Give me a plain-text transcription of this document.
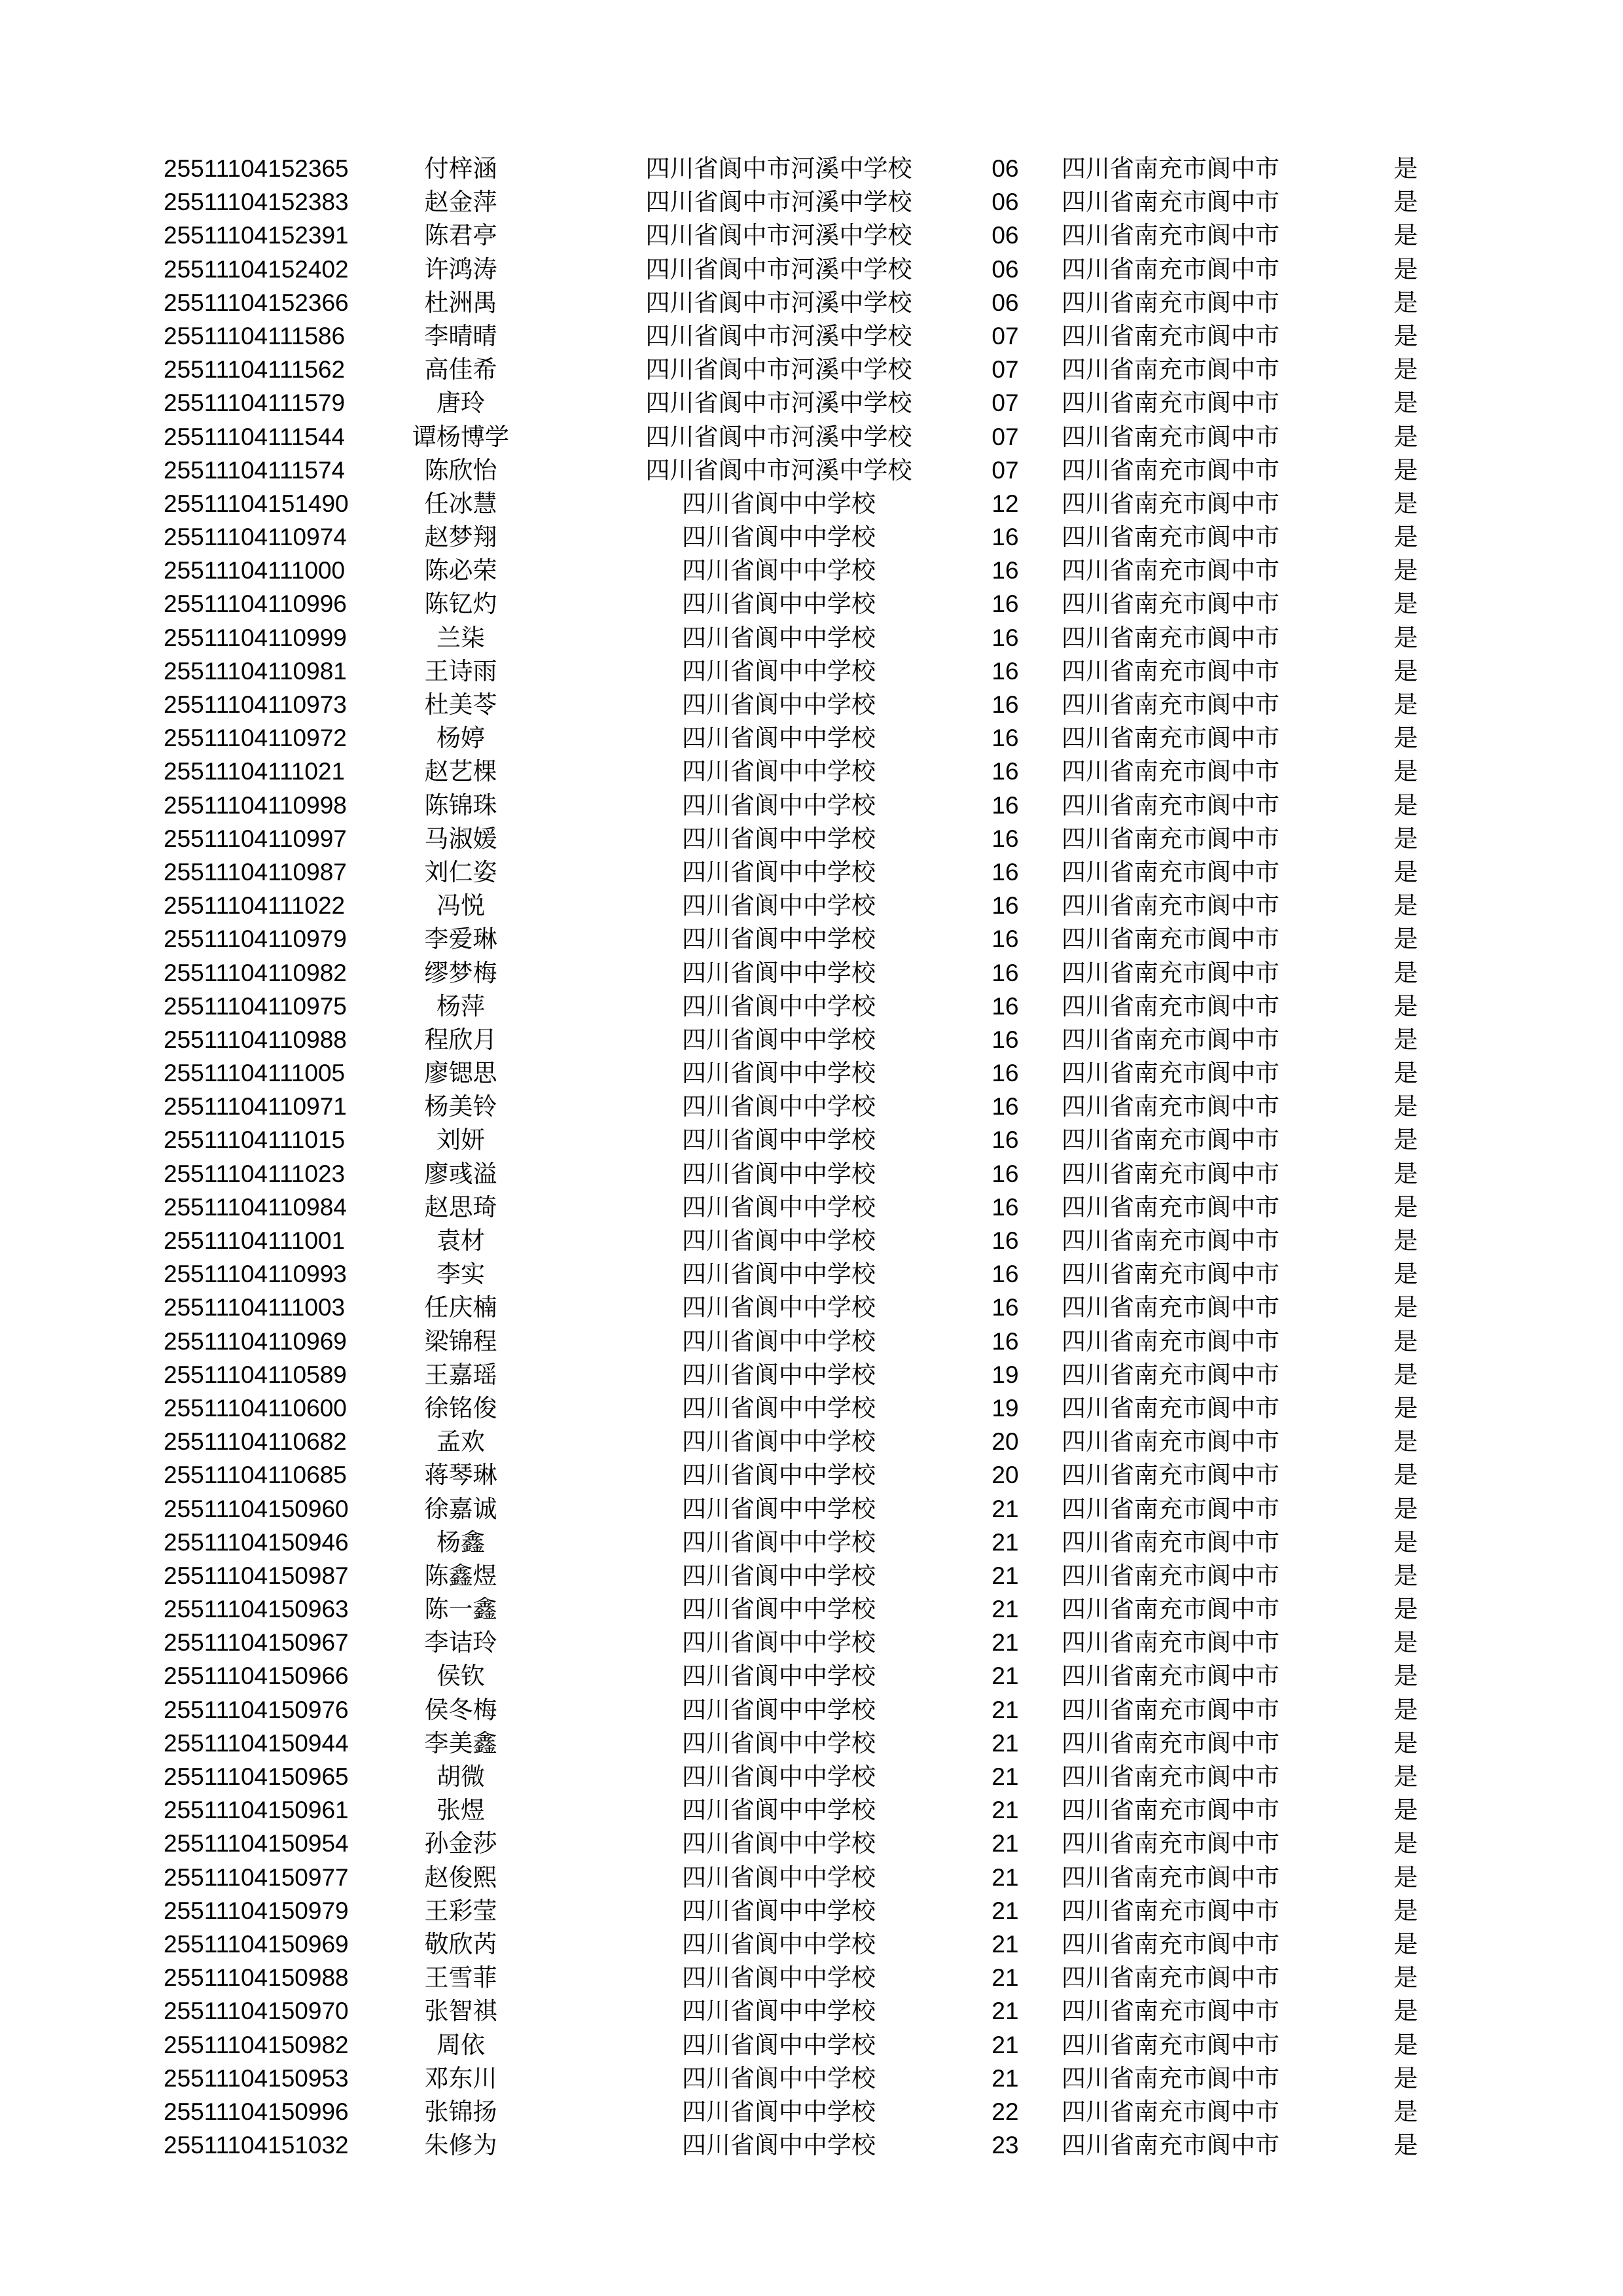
25511104152365	付梓涵	四川省阆中市河溪中学校	06	四川省南充市阆中市	是
25511104152383	赵金萍	四川省阆中市河溪中学校	06	四川省南充市阆中市	是
25511104152391	陈君亭	四川省阆中市河溪中学校	06	四川省南充市阆中市	是
25511104152402	许鸿涛	四川省阆中市河溪中学校	06	四川省南充市阆中市	是
25511104152366	杜洲禺	四川省阆中市河溪中学校	06	四川省南充市阆中市	是
25511104111586	李晴晴	四川省阆中市河溪中学校	07	四川省南充市阆中市	是
25511104111562	高佳希	四川省阆中市河溪中学校	07	四川省南充市阆中市	是
25511104111579	唐玲	四川省阆中市河溪中学校	07	四川省南充市阆中市	是
25511104111544	谭杨博学	四川省阆中市河溪中学校	07	四川省南充市阆中市	是
25511104111574	陈欣怡	四川省阆中市河溪中学校	07	四川省南充市阆中市	是
25511104151490	任冰慧	四川省阆中中学校	12	四川省南充市阆中市	是
25511104110974	赵梦翔	四川省阆中中学校	16	四川省南充市阆中市	是
25511104111000	陈必荣	四川省阆中中学校	16	四川省南充市阆中市	是
25511104110996	陈钇灼	四川省阆中中学校	16	四川省南充市阆中市	是
25511104110999	兰柒	四川省阆中中学校	16	四川省南充市阆中市	是
25511104110981	王诗雨	四川省阆中中学校	16	四川省南充市阆中市	是
25511104110973	杜美苓	四川省阆中中学校	16	四川省南充市阆中市	是
25511104110972	杨婷	四川省阆中中学校	16	四川省南充市阆中市	是
25511104111021	赵艺棵	四川省阆中中学校	16	四川省南充市阆中市	是
25511104110998	陈锦珠	四川省阆中中学校	16	四川省南充市阆中市	是
25511104110997	马淑媛	四川省阆中中学校	16	四川省南充市阆中市	是
25511104110987	刘仁姿	四川省阆中中学校	16	四川省南充市阆中市	是
25511104111022	冯悦	四川省阆中中学校	16	四川省南充市阆中市	是
25511104110979	李爱琳	四川省阆中中学校	16	四川省南充市阆中市	是
25511104110982	缪梦梅	四川省阆中中学校	16	四川省南充市阆中市	是
25511104110975	杨萍	四川省阆中中学校	16	四川省南充市阆中市	是
25511104110988	程欣月	四川省阆中中学校	16	四川省南充市阆中市	是
25511104111005	廖锶思	四川省阆中中学校	16	四川省南充市阆中市	是
25511104110971	杨美铃	四川省阆中中学校	16	四川省南充市阆中市	是
25511104111015	刘妍	四川省阆中中学校	16	四川省南充市阆中市	是
25511104111023	廖彧溢	四川省阆中中学校	16	四川省南充市阆中市	是
25511104110984	赵思琦	四川省阆中中学校	16	四川省南充市阆中市	是
25511104111001	袁材	四川省阆中中学校	16	四川省南充市阆中市	是
25511104110993	李实	四川省阆中中学校	16	四川省南充市阆中市	是
25511104111003	任庆楠	四川省阆中中学校	16	四川省南充市阆中市	是
25511104110969	梁锦程	四川省阆中中学校	16	四川省南充市阆中市	是
25511104110589	王嘉瑶	四川省阆中中学校	19	四川省南充市阆中市	是
25511104110600	徐铭俊	四川省阆中中学校	19	四川省南充市阆中市	是
25511104110682	孟欢	四川省阆中中学校	20	四川省南充市阆中市	是
25511104110685	蒋琴琳	四川省阆中中学校	20	四川省南充市阆中市	是
25511104150960	徐嘉诚	四川省阆中中学校	21	四川省南充市阆中市	是
25511104150946	杨鑫	四川省阆中中学校	21	四川省南充市阆中市	是
25511104150987	陈鑫煜	四川省阆中中学校	21	四川省南充市阆中市	是
25511104150963	陈一鑫	四川省阆中中学校	21	四川省南充市阆中市	是
25511104150967	李诘玲	四川省阆中中学校	21	四川省南充市阆中市	是
25511104150966	侯钦	四川省阆中中学校	21	四川省南充市阆中市	是
25511104150976	侯冬梅	四川省阆中中学校	21	四川省南充市阆中市	是
25511104150944	李美鑫	四川省阆中中学校	21	四川省南充市阆中市	是
25511104150965	胡微	四川省阆中中学校	21	四川省南充市阆中市	是
25511104150961	张煜	四川省阆中中学校	21	四川省南充市阆中市	是
25511104150954	孙金莎	四川省阆中中学校	21	四川省南充市阆中市	是
25511104150977	赵俊熙	四川省阆中中学校	21	四川省南充市阆中市	是
25511104150979	王彩莹	四川省阆中中学校	21	四川省南充市阆中市	是
25511104150969	敬欣芮	四川省阆中中学校	21	四川省南充市阆中市	是
25511104150988	王雪菲	四川省阆中中学校	21	四川省南充市阆中市	是
25511104150970	张智祺	四川省阆中中学校	21	四川省南充市阆中市	是
25511104150982	周依	四川省阆中中学校	21	四川省南充市阆中市	是
25511104150953	邓东川	四川省阆中中学校	21	四川省南充市阆中市	是
25511104150996	张锦扬	四川省阆中中学校	22	四川省南充市阆中市	是
25511104151032	朱修为	四川省阆中中学校	23	四川省南充市阆中市	是
